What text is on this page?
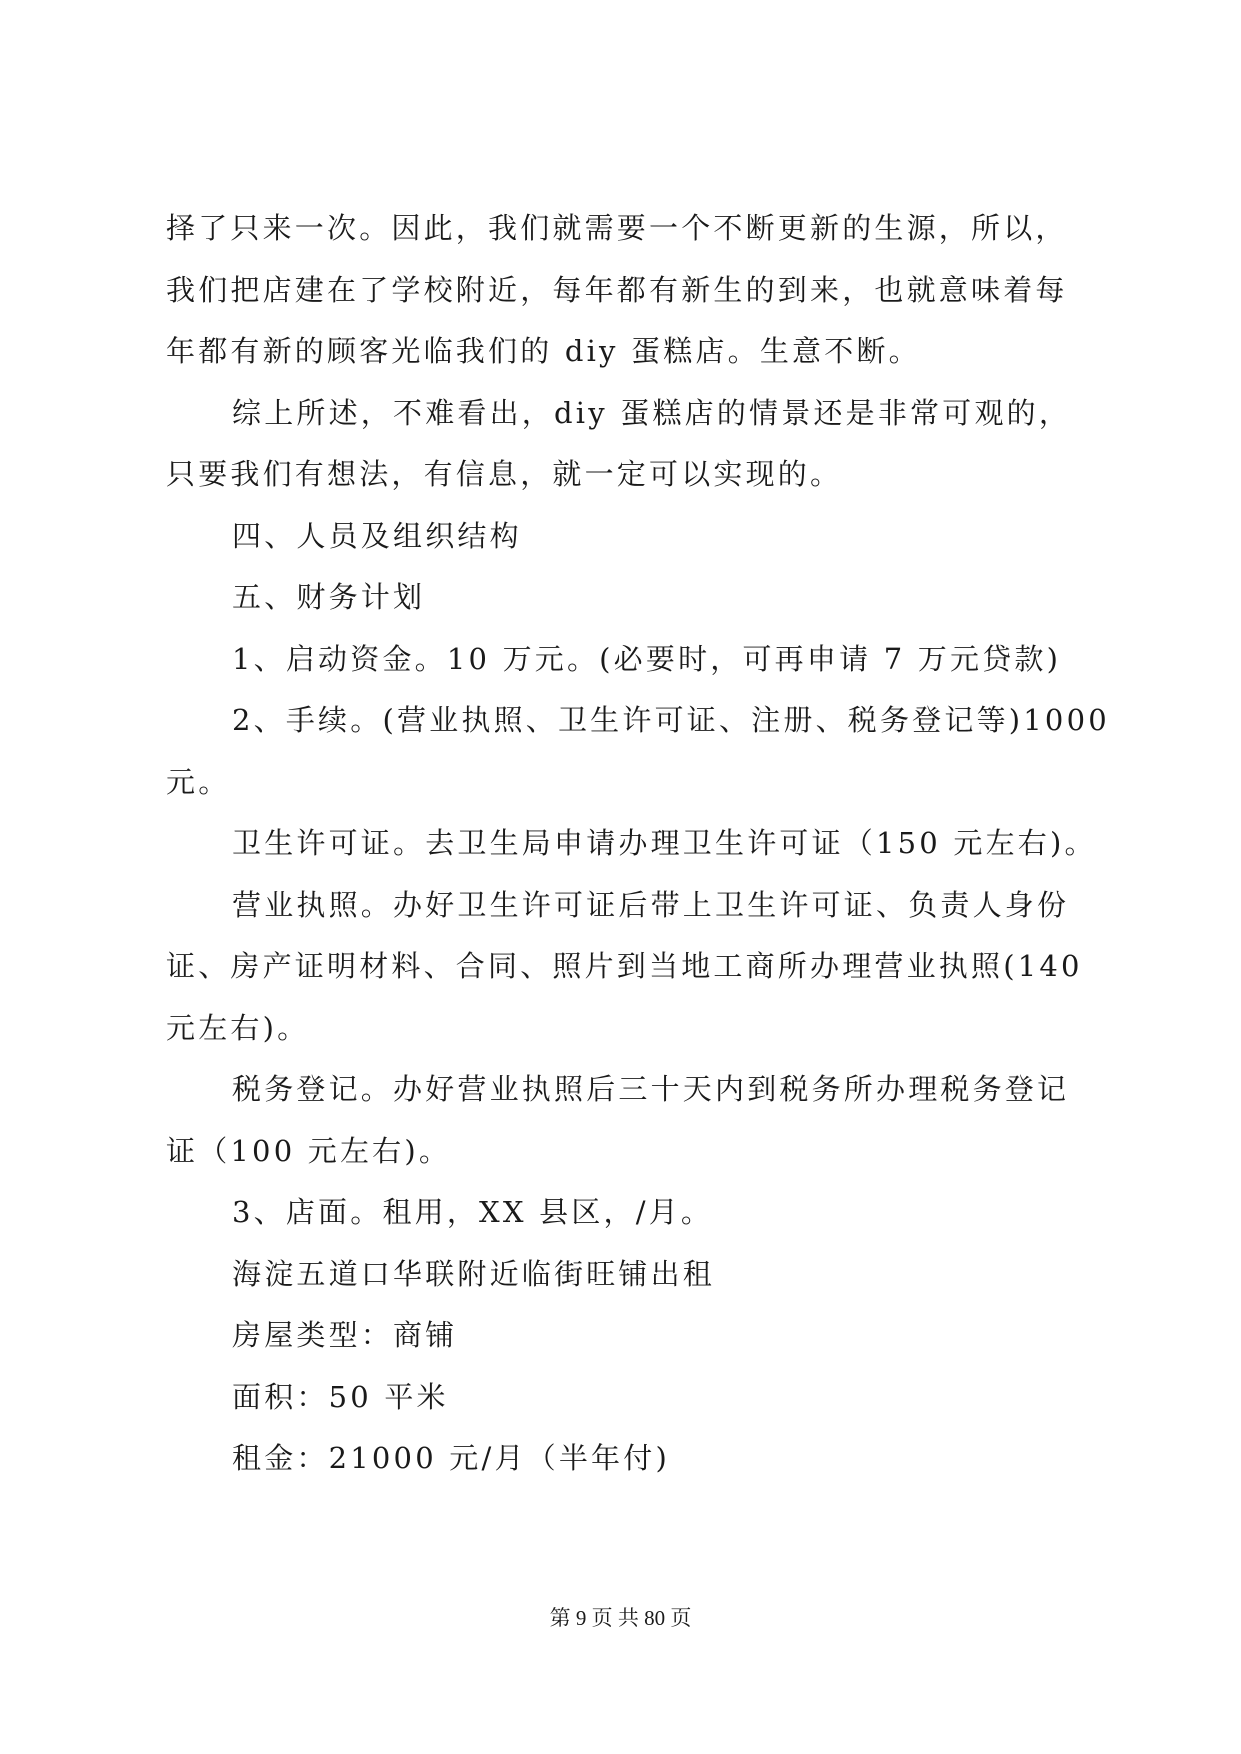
择了只来一次。因此，我们就需要一个不断更新的生源，所以，
我们把店建在了学校附近，每年都有新生的到来，也就意味着每
年都有新的顾客光临我们的 diy 蛋糕店。生意不断。
综上所述，不难看出，diy 蛋糕店的情景还是非常可观的，
只要我们有想法，有信息，就一定可以实现的。
四、人员及组织结构
五、财务计划
1、启动资金。10 万元。(必要时，可再申请 7 万元贷款)
2、手续。(营业执照、卫生许可证、注册、税务登记等)1000
元。
卫生许可证。去卫生局申请办理卫生许可证（150 元左右)。
营业执照。办好卫生许可证后带上卫生许可证、负责人身份
证、房产证明材料、合同、照片到当地工商所办理营业执照(140
元左右)。
税务登记。办好营业执照后三十天内到税务所办理税务登记
证（100 元左右)。
3、店面。租用，XX 县区，/月。
海淀五道口华联附近临街旺铺出租
房屋类型：商铺
面积：50 平米
租金：21000 元/月（半年付)
第 9 页 共 80 页
